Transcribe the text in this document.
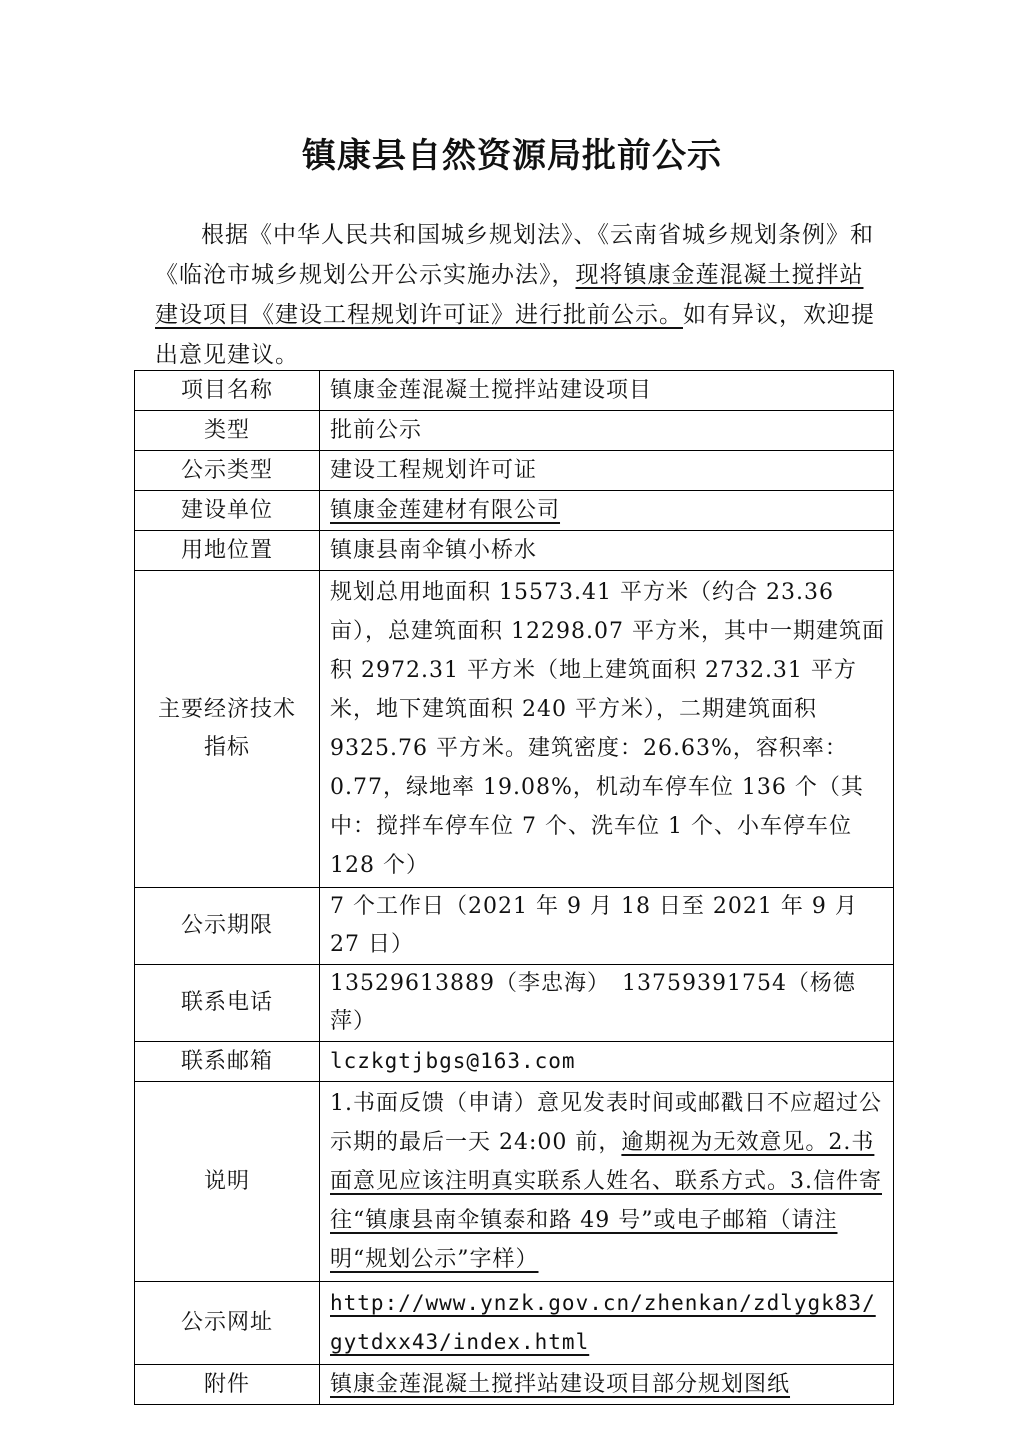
镇康县自然资源局批前公示
根据《中华人民共和国城乡规划法》、《云南省城乡规划条例》和《临沧市城乡规划公开公示实施办法》，现将镇康金莲混凝土搅拌站建设项目《建设工程规划许可证》进行批前公示。如有异议，欢迎提出意见建议。
项目名称	镇康金莲混凝土搅拌站建设项目
类型	批前公示
公示类型	建设工程规划许可证
建设单位	镇康金莲建材有限公司
用地位置	镇康县南伞镇小桥水

主要经济技术
指标	规划总用地面积 15573.41 平方米（约合 23.36 亩），总建筑面积 12298.07 平方米，其中一期建筑面积 2972.31 平方米（地上建筑面积 2732.31 平方米，地下建筑面积 240 平方米），二期建筑面积 9325.76 平方米。建筑密度：26.63%，容积率：0.77，绿地率 19.08%，机动车停车位 136 个（其中：搅拌车停车位 7 个、洗车位 1 个、小车停车位 128 个）
公示期限	7 个工作日（2021 年 9 月 18 日至 2021 年 9 月 27 日）
联系电话	13529613889（李忠海）　13759391754（杨德萍）
联系邮箱	lczkgtjbgs@163.com
说明	1.书面反馈（申请）意见发表时间或邮戳日不应超过公示期的最后一天 24:00 前，逾期视为无效意见。2.书面意见应该注明真实联系人姓名、联系方式。3.信件寄往“镇康县南伞镇泰和路 49 号”或电子邮箱（请注明“规划公示”字样）
公示网址	http://www.ynzk.gov.cn/zhenkan/zdlygk83/gytdxx43/index.html
附件	镇康金莲混凝土搅拌站建设项目部分规划图纸
